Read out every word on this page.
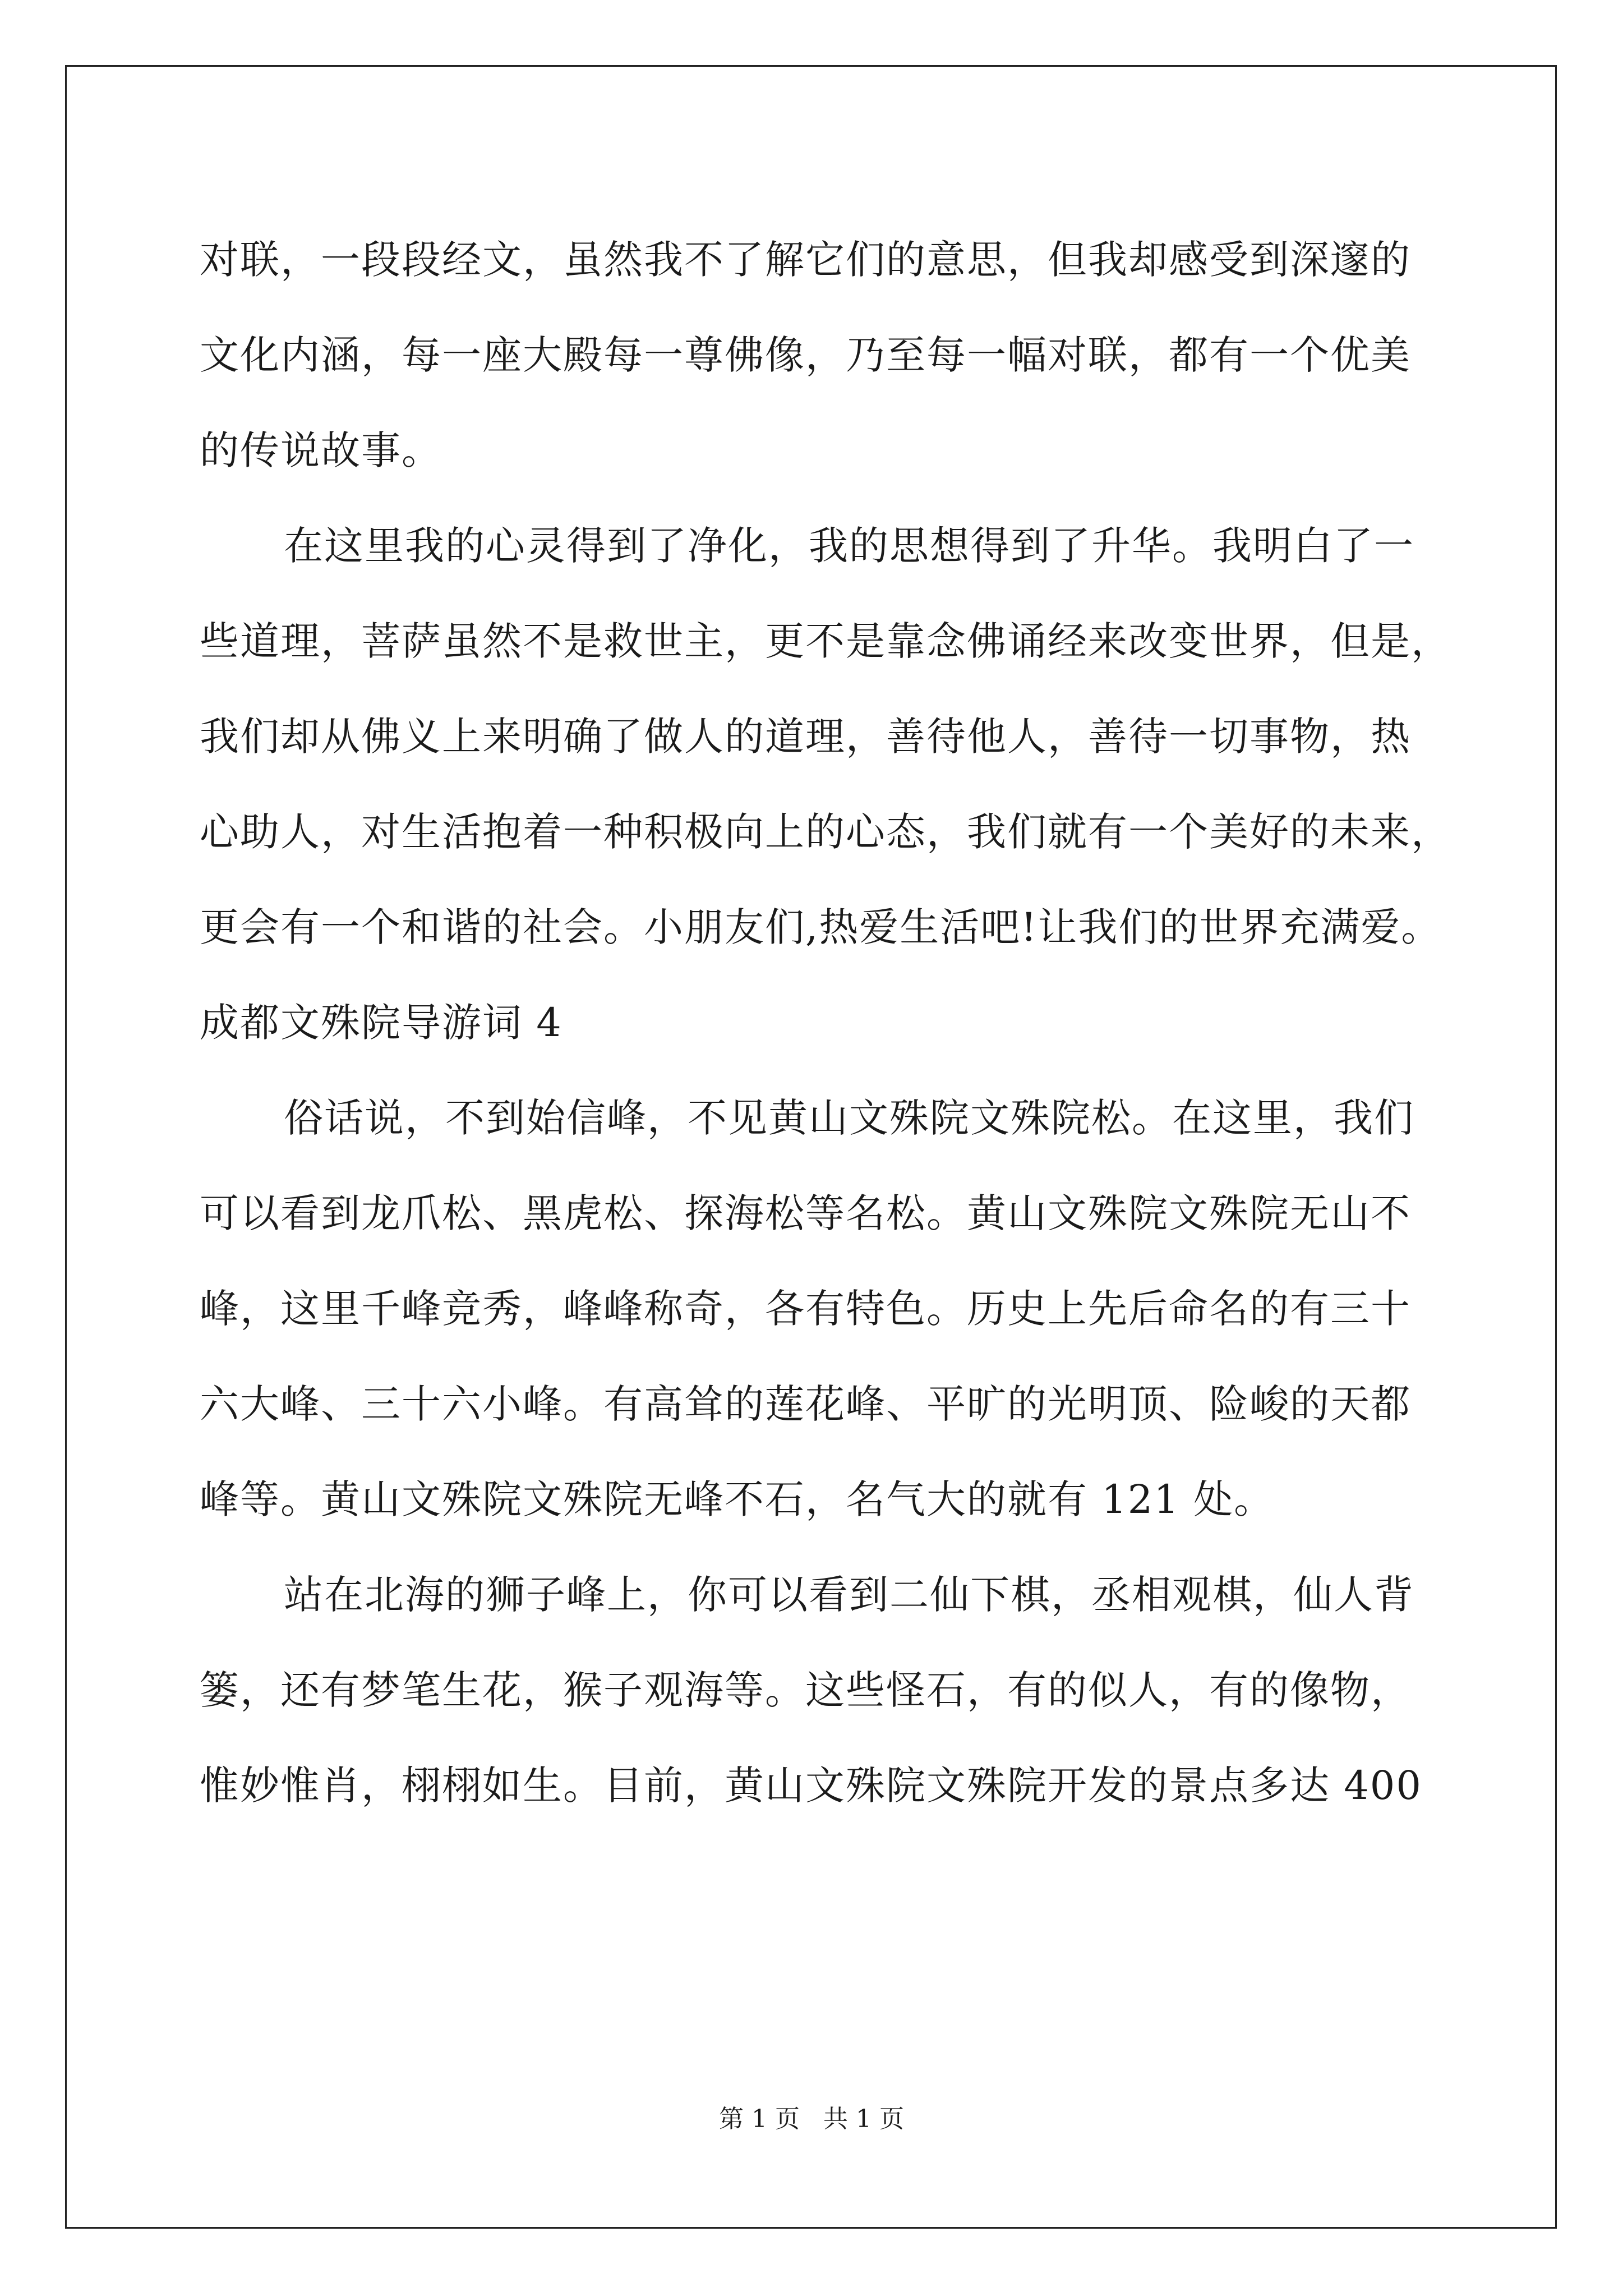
对联，一段段经文，虽然我不了解它们的意思，但我却感受到深邃的
文化内涵，每一座大殿每一尊佛像，乃至每一幅对联，都有一个优美
的传说故事。
在这里我的心灵得到了净化，我的思想得到了升华。我明白了一
些道理，菩萨虽然不是救世主，更不是靠念佛诵经来改变世界，但是，
我们却从佛义上来明确了做人的道理，善待他人，善待一切事物，热
心助人，对生活抱着一种积极向上的心态，我们就有一个美好的未来，
更会有一个和谐的社会。小朋友们,热爱生活吧!让我们的世界充满爱。
成都文殊院导游词 4
俗话说，不到始信峰，不见黄山文殊院文殊院松。在这里，我们
可以看到龙爪松、黑虎松、探海松等名松。黄山文殊院文殊院无山不
峰，这里千峰竞秀，峰峰称奇，各有特色。历史上先后命名的有三十
六大峰、三十六小峰。有高耸的莲花峰、平旷的光明顶、险峻的天都
峰等。黄山文殊院文殊院无峰不石，名气大的就有 121 处。
站在北海的狮子峰上，你可以看到二仙下棋，丞相观棋，仙人背
篓，还有梦笔生花，猴子观海等。这些怪石，有的似人，有的像物，
惟妙惟肖，栩栩如生。目前，黄山文殊院文殊院开发的景点多达 400
第 1 页   共 1 页
